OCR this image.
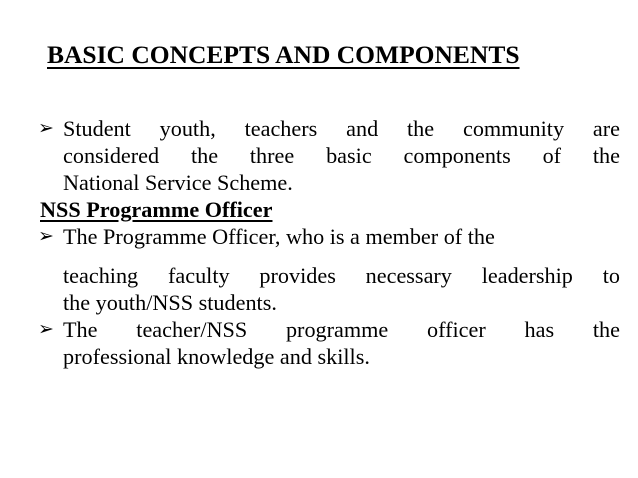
BASIC CONCEPTS AND COMPONENTS
➢ Student youth, teachers and the community are
considered the three basic components of the
National Service Scheme.
NSS Programme Officer
➢ The Programme Officer, who is a member of the
teaching faculty provides necessary leadership to
the youth/NSS students.
➢ The teacher/NSS programme officer has the
professional knowledge and skills.
